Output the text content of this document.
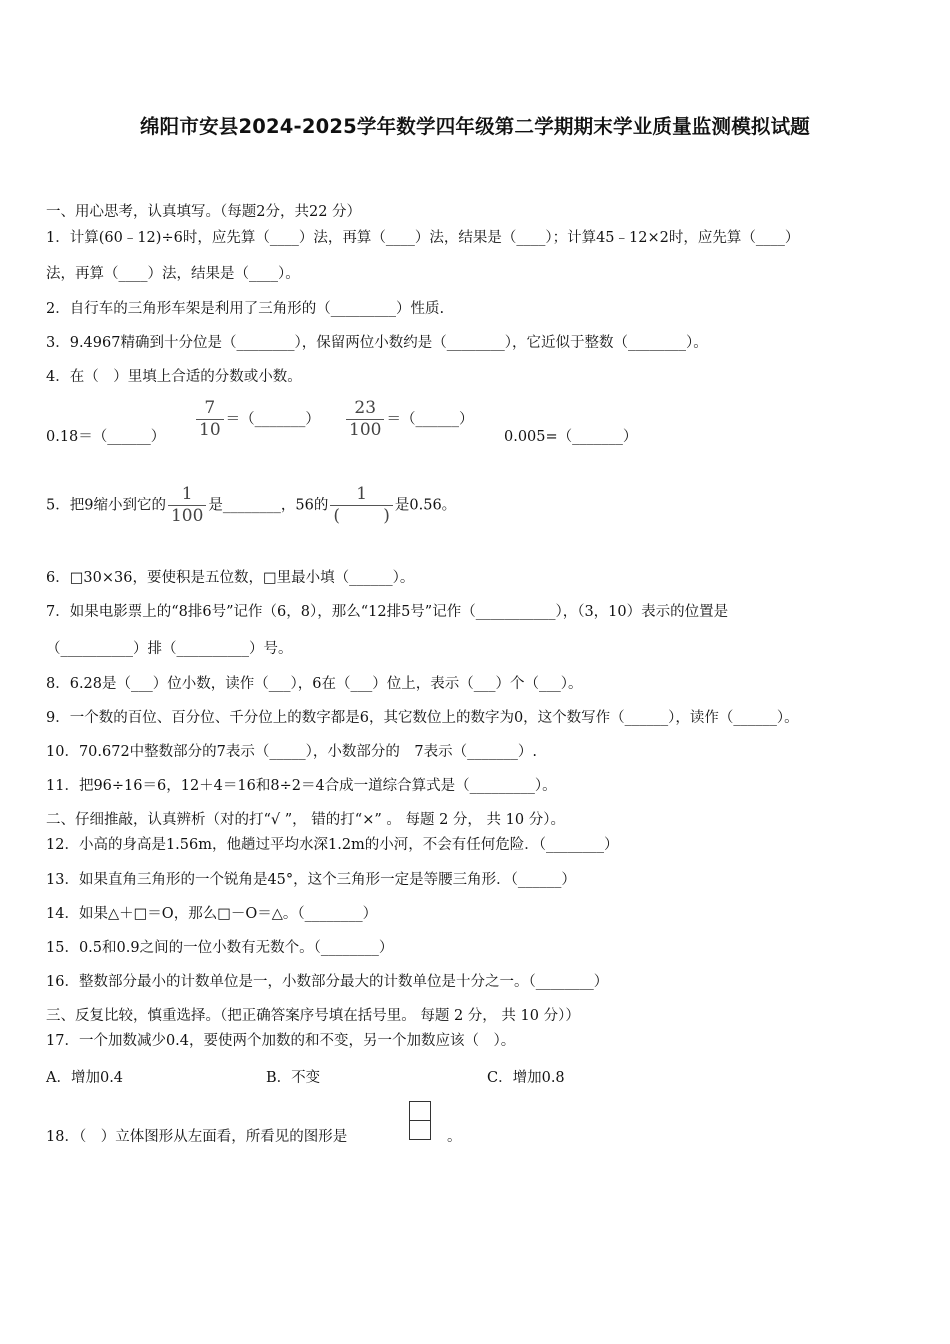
绵阳市安县2024-2025学年数学四年级第二学期期末学业质量监测模拟试题
一、用心思考，认真填写。（每题2分，共22 分）
1．计算(60﹣12)÷6时，应先算（____）法，再算（____）法，结果是（____）；计算45﹣12×2时，应先算（____）
法，再算（____）法，结果是（____）。
2．自行车的三角形车架是利用了三角形的（_________）性质.
3．9.4967精确到十分位是（________），保留两位小数约是（________），它近似于整数（________）。
4．在（　）里填上合适的分数或小数。
0.18＝（______） $\frac{7}{10}$ ＝（_______） $\frac{23}{100}$ ＝（______）
0.005=（_______）
5．把9缩小到它的 $\frac{1}{100}$ 是________，56的 $\frac{1}{( )}$ 是0.56。
6．□30×36，要使积是五位数，□里最小填（______）。
7．如果电影票上的“8排6号”记作（6，8），那么“12排5号”记作（___________），（3，10）表示的位置是
（__________）排（__________）号。
8．6.28是（___）位小数，读作（___），6在（___）位上，表示（___）个（___）。
9．一个数的百位、百分位、千分位上的数字都是6，其它数位上的数字为0，这个数写作（______），读作（______）。
10．70.672中整数部分的7表示（_____），小数部分的　7表示（_______）.
11．把96÷16＝6，12＋4＝16和8÷2＝4合成一道综合算式是（_________）。
二、仔细推敲，认真辨析（对的打“√ ”， 错的打“×” 。 每题 2 分， 共 10 分）。
12．小高的身高是1.56m，他趟过平均水深1.2m的小河，不会有任何危险．（________）
13．如果直角三角形的一个锐角是45°，这个三角形一定是等腰三角形．（______）
14．如果△＋□＝O，那么□－O＝△。（________）
15．0.5和0.9之间的一位小数有无数个。（________）
16．整数部分最小的计数单位是一，小数部分最大的计数单位是十分之一。（________）
三、反复比较，慎重选择。（把正确答案序号填在括号里。 每题 2 分， 共 10 分））
17．一个加数减少0.4，要使两个加数的和不变，另一个加数应该（　）。
A．增加0.4	B．不变	C．增加0.8
18．（　）立体图形从左面看，所看见的图形是	。
